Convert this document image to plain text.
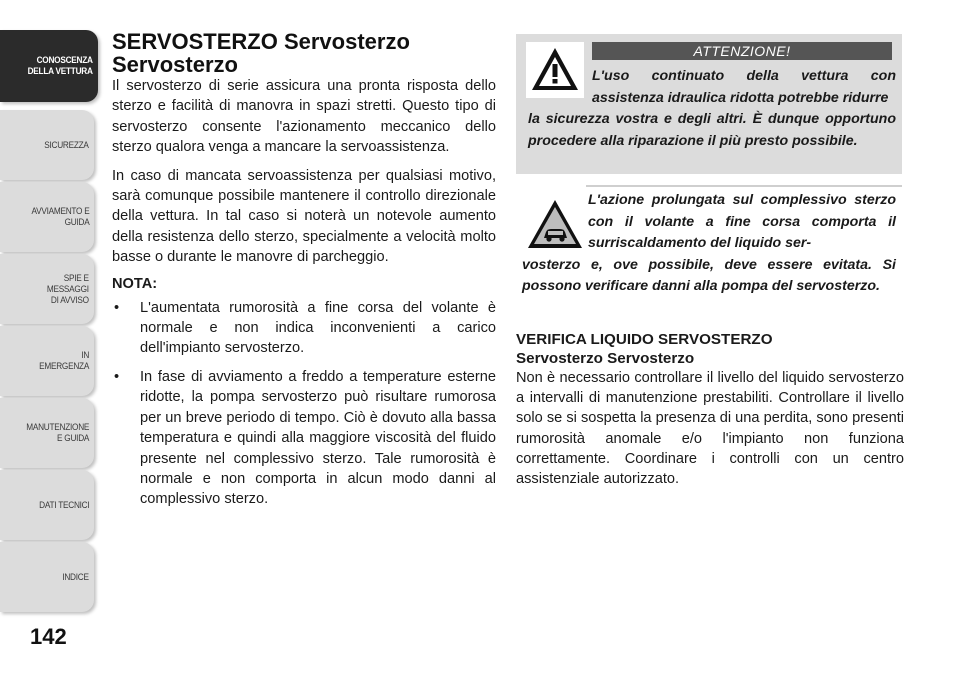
CONOSCENZA
DELLA VETTURA
SICUREZZA
AVVIAMENTO E
GUIDA
SPIE E
MESSAGGI
DI AVVISO
IN
EMERGENZA
MANUTENZIONE
E GUIDA
DATI TECNICI
INDICE
142
SERVOSTERZO Servosterzo
Servosterzo

Il servosterzo di serie assicura una pronta risposta dello sterzo e facilità di manovra in spazi stretti. Questo tipo di servosterzo consente l'azionamento meccanico dello sterzo qualora venga a mancare la servoassistenza.

In caso di mancata servoassistenza per qualsiasi motivo, sarà comunque possibile mantenere il controllo direzionale della vettura. In tal caso si noterà un notevole aumento della resistenza dello sterzo, specialmente a velocità molto basse o durante le manovre di parcheggio.

NOTA:
• L'aumentata rumorosità a fine corsa del volante è normale e non indica inconvenienti a carico dell'impianto servosterzo.
• In fase di avviamento a freddo a temperature esterne ridotte, la pompa servosterzo può risultare rumorosa per un breve periodo di tempo. Ciò è dovuto alla bassa temperatura e quindi alla maggiore viscosità del fluido presente nel complessivo sterzo. Tale rumorosità è normale e non comporta in alcun modo danni al complessivo sterzo.
ATTENZIONE!
L'uso continuato della vettura con assistenza idraulica ridotta potrebbe ridurre
la sicurezza vostra e degli altri. È dunque opportuno procedere alla riparazione il più presto possibile.
L'azione prolungata sul complessivo sterzo con il volante a fine corsa comporta il surriscaldamento del liquido ser-
vosterzo e, ove possibile, deve essere evitata. Si possono verificare danni alla pompa del servosterzo.
VERIFICA LIQUIDO SERVOSTERZO
Servosterzo Servosterzo

Non è necessario controllare il livello del liquido servosterzo a intervalli di manutenzione prestabiliti. Controllare il livello solo se si sospetta la presenza di una perdita, sono presenti rumorosità anomale e/o l'impianto non funziona correttamente. Coordinare i controlli con un centro assistenziale autorizzato.
